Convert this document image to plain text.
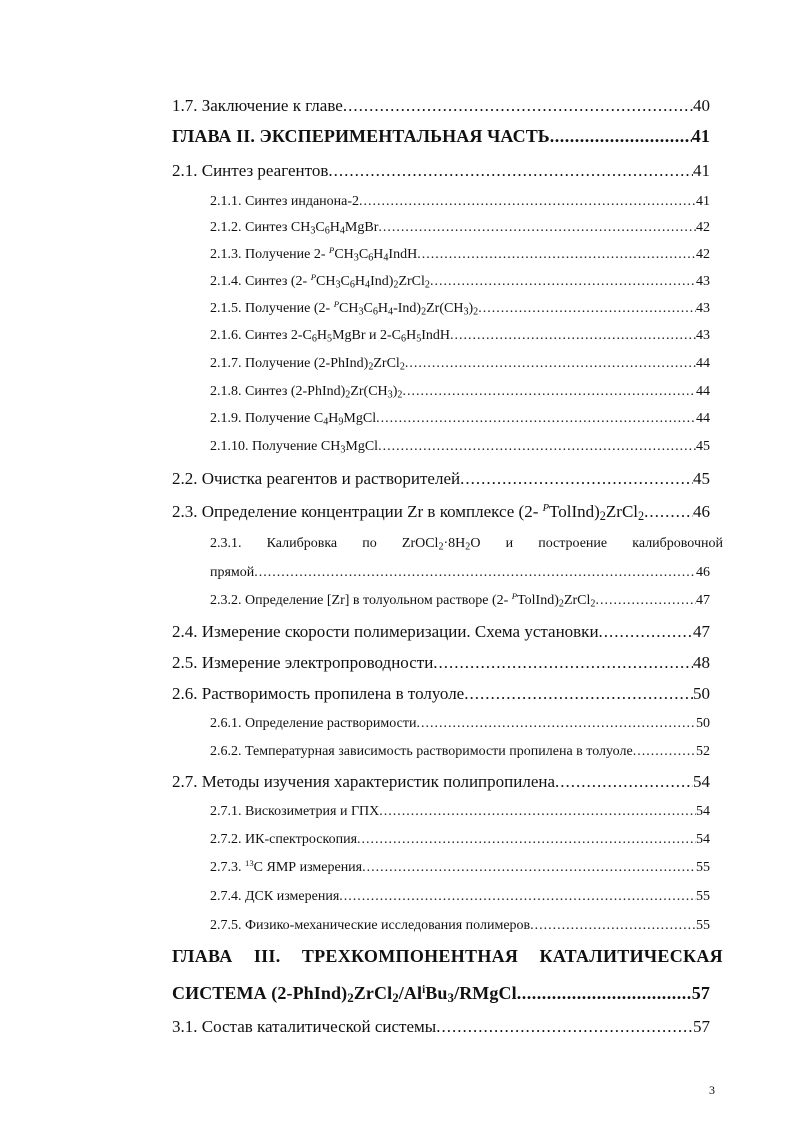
1.7. Заключение к главе .....	40
ГЛАВА II. ЭКСПЕРИМЕНТАЛЬНАЯ ЧАСТЬ .....	41
2.1. Синтез реагентов .....	41
2.1.1. Синтез инданона-2 .....	41
2.1.2. Синтез $CH_3C_6H_4MgBr$ .....	42
2.1.3. Получение 2- $^PCH_3C_6H_4IndH$ .....	42
2.1.4. Синтез (2- $^PCH_3C_6H_4Ind)_2ZrCl_2$ .....	43
2.1.5. Получение (2- $^PCH_3C_6H_4-Ind)_2Zr(CH_3)_2$ .....	43
2.1.6. Синтез $2-C_6H_5MgBr$ и $2-C_6H_5IndH$ .....	43
2.1.7. Получение $(2-PhInd)_2ZrCl_2$ .....	44
2.1.8. Синтез $(2-PhInd)_2Zr(CH_3)_2$ .....	44
2.1.9. Получение $C_4H_9MgCl$ .....	44
2.1.10. Получение $CH_3MgCl$ .....	45
2.2. Очистка реагентов и растворителей .....	45
2.3. Определение концентрации Zr в комплексе (2- $^PTolInd)_2ZrCl_2$ .....	46
2.3.1. Калибровка по $ZrOCl_2\cdot 8H_2O$ и построение калибровочной
прямой .....	46
2.3.2. Определение [Zr] в толуольном растворе (2- $^PTolInd)_2ZrCl_2$ .....	47
2.4. Измерение скорости полимеризации. Схема установки .....	47
2.5. Измерение электропроводности .....	48
2.6. Растворимость пропилена в толуоле .....	50
2.6.1. Определение растворимости .....	50
2.6.2. Температурная зависимость растворимости пропилена в толуоле .....	52
2.7. Методы изучения характеристик полипропилена .....	54
2.7.1. Вискозиметрия и ГПХ .....	54
2.7.2. ИК-спектроскопия .....	54
2.7.3. $^{13}$С ЯМР измерения .....	55
2.7.4. ДСК измерения .....	55
2.7.5. Физико-механические исследования полимеров .....	55
ГЛАВА III. ТРЕХКОМПОНЕНТНАЯ КАТАЛИТИЧЕСКАЯ
СИСТЕМА $(2-PhInd)_2ZrCl_2/Al^iBu_3$/RMgCl .....	57
3.1. Состав каталитической системы .....	57
3
